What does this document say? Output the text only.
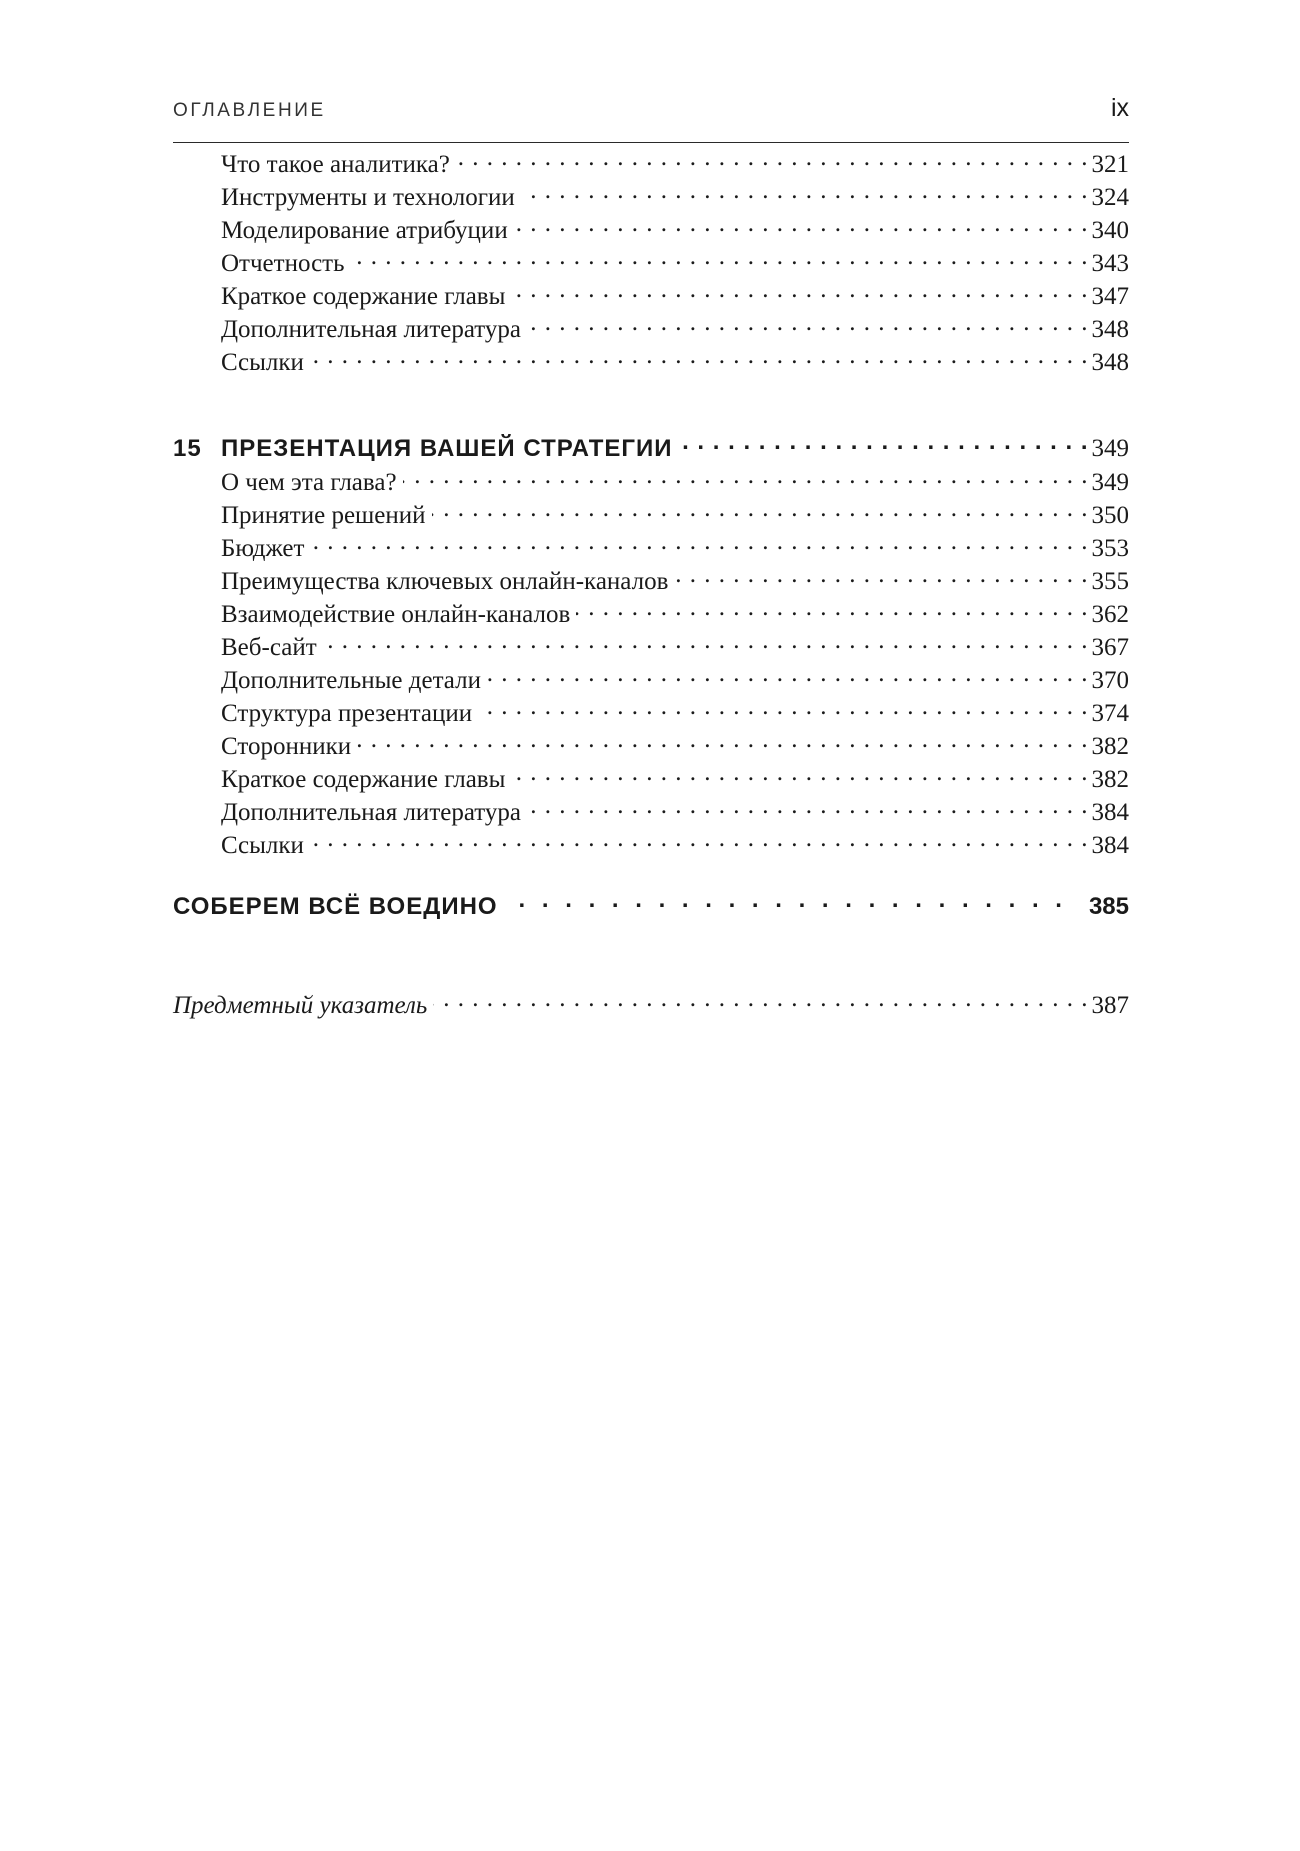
ОГЛАВЛЕНИЕ	ix
Что такое аналитика? . . .	321
Инструменты и технологии . . .	324
Моделирование атрибуции . . .	340
Отчетность . . .	343
Краткое содержание главы . . .	347
Дополнительная литература . . .	348
Ссылки . . .	348
15 ПРЕЗЕНТАЦИЯ ВАШЕЙ СТРАТЕГИИ . . .	349
О чем эта глава? . . .	349
Принятие решений . . .	350
Бюджет . . .	353
Преимущества ключевых онлайн-каналов . . .	355
Взаимодействие онлайн-каналов . . .	362
Веб-сайт . . .	367
Дополнительные детали . . .	370
Структура презентации . . .	374
Сторонники . . .	382
Краткое содержание главы . . .	382
Дополнительная литература . . .	384
Ссылки . . .	384
СОБЕРЕМ ВСЁ ВОЕДИНО . . .	385
Предметный указатель . . .	387
